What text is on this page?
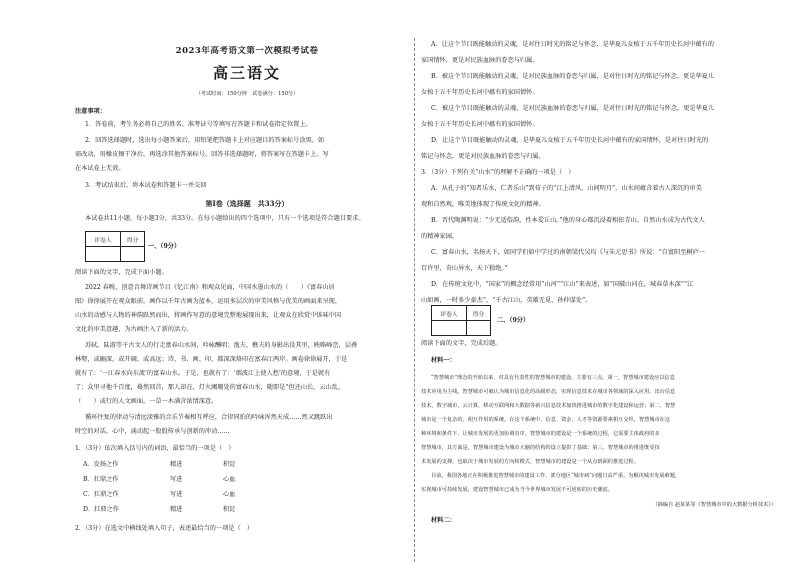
2023年高考语文第一次模拟考试卷
高三语文
（考试时间：150分钟　试卷满分：150分）
注意事项：
1．答卷前，考生务必将自己的姓名、准考证号等填写在答题卡和试卷指定位置上。
2．回答选择题时，选出每小题答案后，用铅笔把答题卡上对应题目的答案标号涂黑。如
需改动，用橡皮擦干净后，再选涂其他答案标号。回答非选择题时，将答案写在答题卡上。写
在本试卷上无效。
3．考试结束后，将本试卷和答题卡一并交回
第Ⅰ卷（选择题　共33分）
本试卷共11小题，每小题3分，共33分。在每小题给出的四个选项中，只有一个选项是符合题目要求。
评卷人	得分

一、（9分）
阅读下面的文字，完成下面小题。
2022 春晚，创意音舞诗画节目《忆江南》和观众见面，中国水墨山水的（　　）《富春山居
图》徐徐展开在观众眼前。画作以千年古画为蓝本，运用多层次的审美风格与优美的画面来呈现，
山水的动感与人物的神韵跃然而出，将画作写意的意境完整地展现出来，让观众在欣赏中体味中国
文化的审美意趣，为古画注入了新的活力。
苏轼、陆游等千古文人的行走富春山水间，吟咏酬唱；渔夫、樵夫的身影出没其里，映略峰峦，层叠
林壑，或幽深，或开阔，或高远；诗、书、画、印，都深深烙印在富春江两岸。画卷徐徐展开，于是
就有了：‘一江春水向东流’的富春山水。于是，也就有了：‘烟波江上使人愁’的意境，于是就有
了：众里寻他千百度，蓦然回首，那人却在，灯火阑珊处的富春山水，随即是“但还山长，云山乱，
（　　）或行的人文画面。一草一木满含浓情深意。
循环往复的律动与清远淡雅的音乐节奏相互呼应，合律同拍的吟咏浑然天成……然又跳跃出
时空的对话，心中，涌动起一股股传承与创新的冲动……
1．（3分）依次填入括号内的词语，最恰当的一项是（　）
A．发扬之作	精进	积淀
B．扛鼎之作	写进	心血
C．扛鼎之作	写进	心血
D．扛鼎之作	精进	积淀
2．（3分）在选文中横线处填入句子，表述最恰当的一项是（　）
A．让这个节目既能触动的灵魂，是对往日时光的铭记与怀念，是华夏儿女植于五千年历史长河中蕴有的
家国情怀，更是对民族血脉的眷恋与归属。
B．被这个节目既能触动的灵魂，是对民族血脉的眷恋与归属，是对往日时光的铭记与怀念，更是华夏儿
女植于五千年历史长河中蕴有的家国情怀。
C．被这个节目既能触动的灵魂，是对民族血脉的眷恋与归属，是对往日时光的铭记与怀念，更是华夏儿
女植于五千年历史长河中蕴有的家国情怀。
D．让这个节目既能触动的灵魂，是华夏儿女植于五千年历史长河中蕴有的家国情怀，是对往日时光的
铭记与怀念，更是对民族血脉的眷恋与归属。
3．（3分）下列有关“山水”的理解不正确的一项是（　）
A．从孔子的“知者乐水，仁者乐山”到荀子的“江上清风，山间明月”，山水间蕴含着古人深沉的审美
观和自然观，唯美地体现了传统文化的精神。
B．晋代陶渊明说：“少无适俗韵，性本爱丘山。”他的身心都沉浸着相依青山、自然山水成为古代文人
的精神家园。
C．富春山水，名扬天下，如同学们如中学过的南朝梁代吴均《与朱元思书》所说：“自富阳至桐庐一
百许里，奇山异水，天下独绝。”
D．在传统文化中，“国家”的概念经常用“山河”“江山”来表述，如“国破山河在，城春草木深”“江
山如画，一时多少豪杰”，“千古江山，英雄无觅，孙仲谋处”。
评卷人	得分

二、（9分）
阅读下面的文字，完成后题。
材料一：
“智慧城市”理念的开始以来，对具有代表性的智慧城市的建设，主要有三点。第一，智慧城市建设应以信息
技术应用为主线。智慧城市可被认为城市信息化的高级形态，实现信息技术在城市各领域的深入应用，出台信息
技术，数字城市，云计算，移动互联网和大数据等新兴信息技术加快推进城市的数字化建设和运营；第二，智慧
城市是一个复杂的，相互作用的系统。在这个系统中，信息、资金、人才等资源要素相互交织，智慧城市在这
种环境和条件下，让城市发展的更加协调有序。智慧城市的建设是一个系统的过程，它需要主体政府的多
智慧城市，其方面是，智慧城市建设为城市大脑的结构的设立提供了基础；第三，智慧城市的推进既受技
术发展的支撑，也取决于城市发展的方向和模式，智慧城市的建设是一个从点到面的推进过程。
目前，我国各地正在积极推进智慧城市的建设工作，部分地区“城市病”问题日益严重。为解决城市发展难题，
实现城市可持续发展，建设智慧城市已成为当今世界城市发展不可逆转的历史潮流。
（摘编自 赵某某等《智慧城市中的大数据分析技术》）
材料二：
